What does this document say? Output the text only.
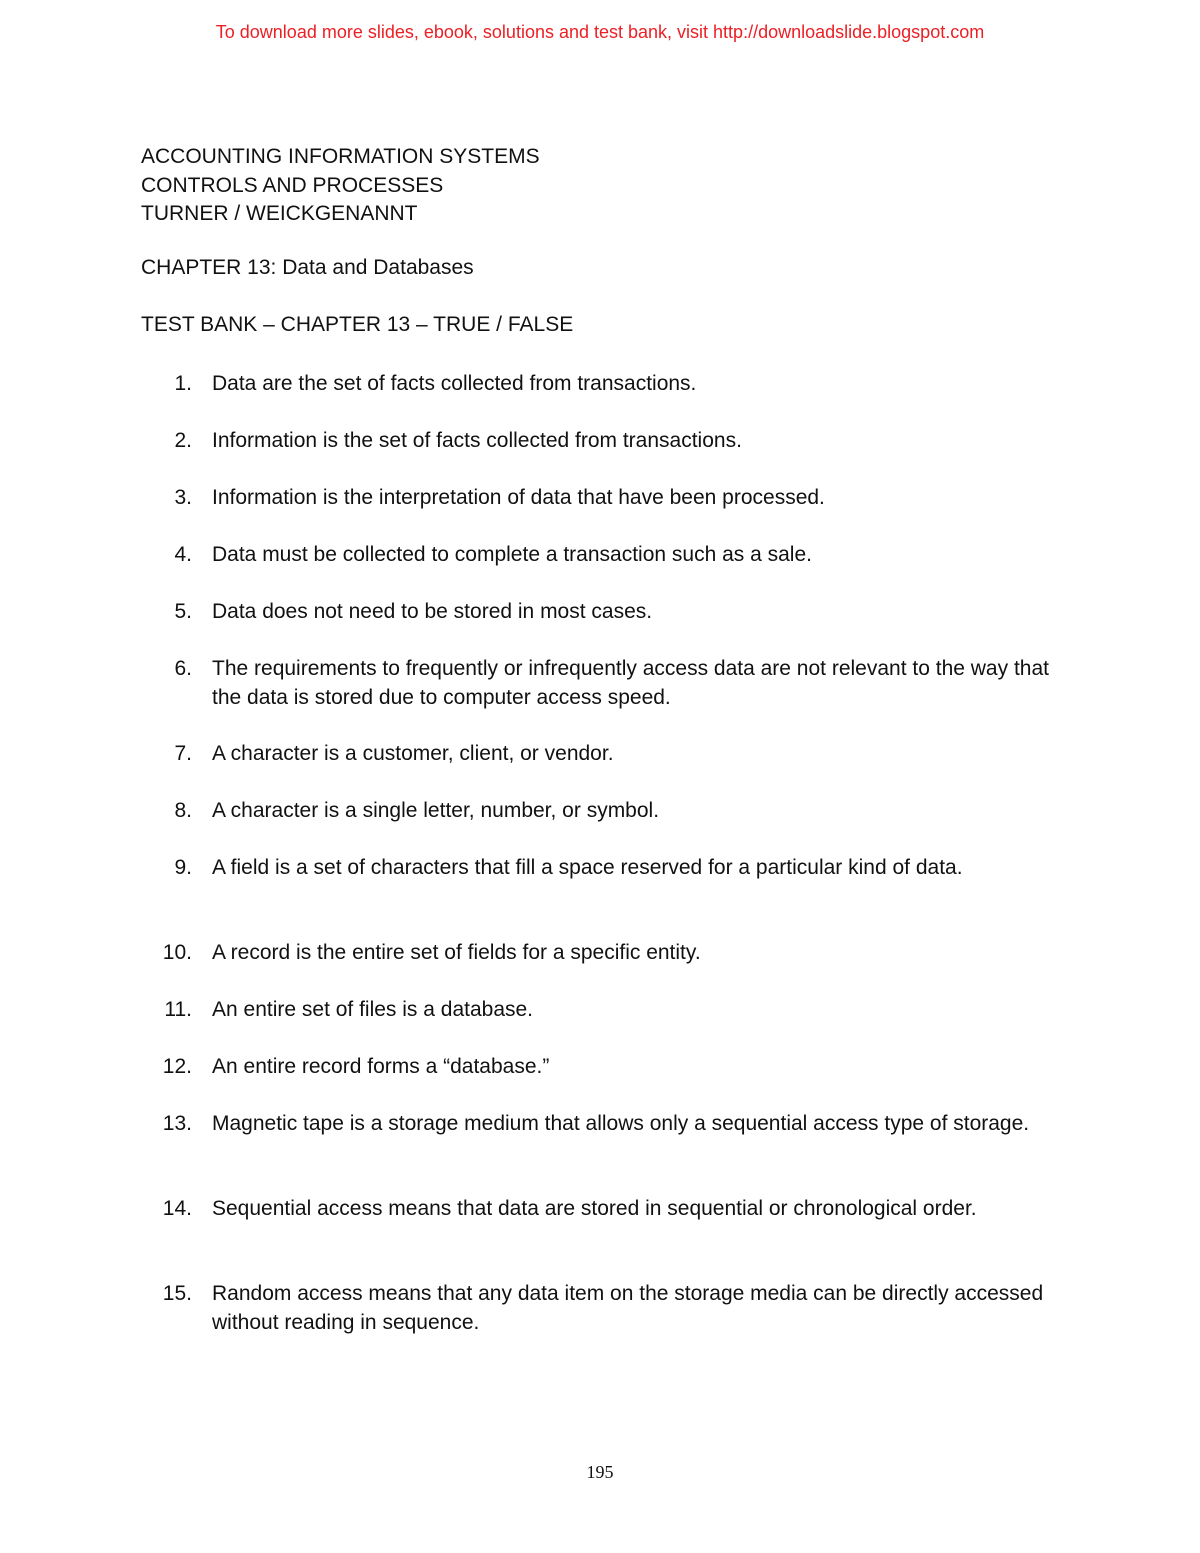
To download more slides, ebook, solutions and test bank, visit http://downloadslide.blogspot.com
ACCOUNTING INFORMATION SYSTEMS
CONTROLS AND PROCESSES
TURNER / WEICKGENANNT
CHAPTER 13: Data and Databases
TEST BANK – CHAPTER 13 – TRUE / FALSE
1. Data are the set of facts collected from transactions.
2. Information is the set of facts collected from transactions.
3. Information is the interpretation of data that have been processed.
4. Data must be collected to complete a transaction such as a sale.
5. Data does not need to be stored in most cases.
6. The requirements to frequently or infrequently access data are not relevant to the way that the data is stored due to computer access speed.
7. A character is a customer, client, or vendor.
8. A character is a single letter, number, or symbol.
9. A field is a set of characters that fill a space reserved for a particular kind of data.
10. A record is the entire set of fields for a specific entity.
11. An entire set of files is a database.
12. An entire record forms a “database.”
13. Magnetic tape is a storage medium that allows only a sequential access type of storage.
14. Sequential access means that data are stored in sequential or chronological order.
15. Random access means that any data item on the storage media can be directly accessed without reading in sequence.
195
